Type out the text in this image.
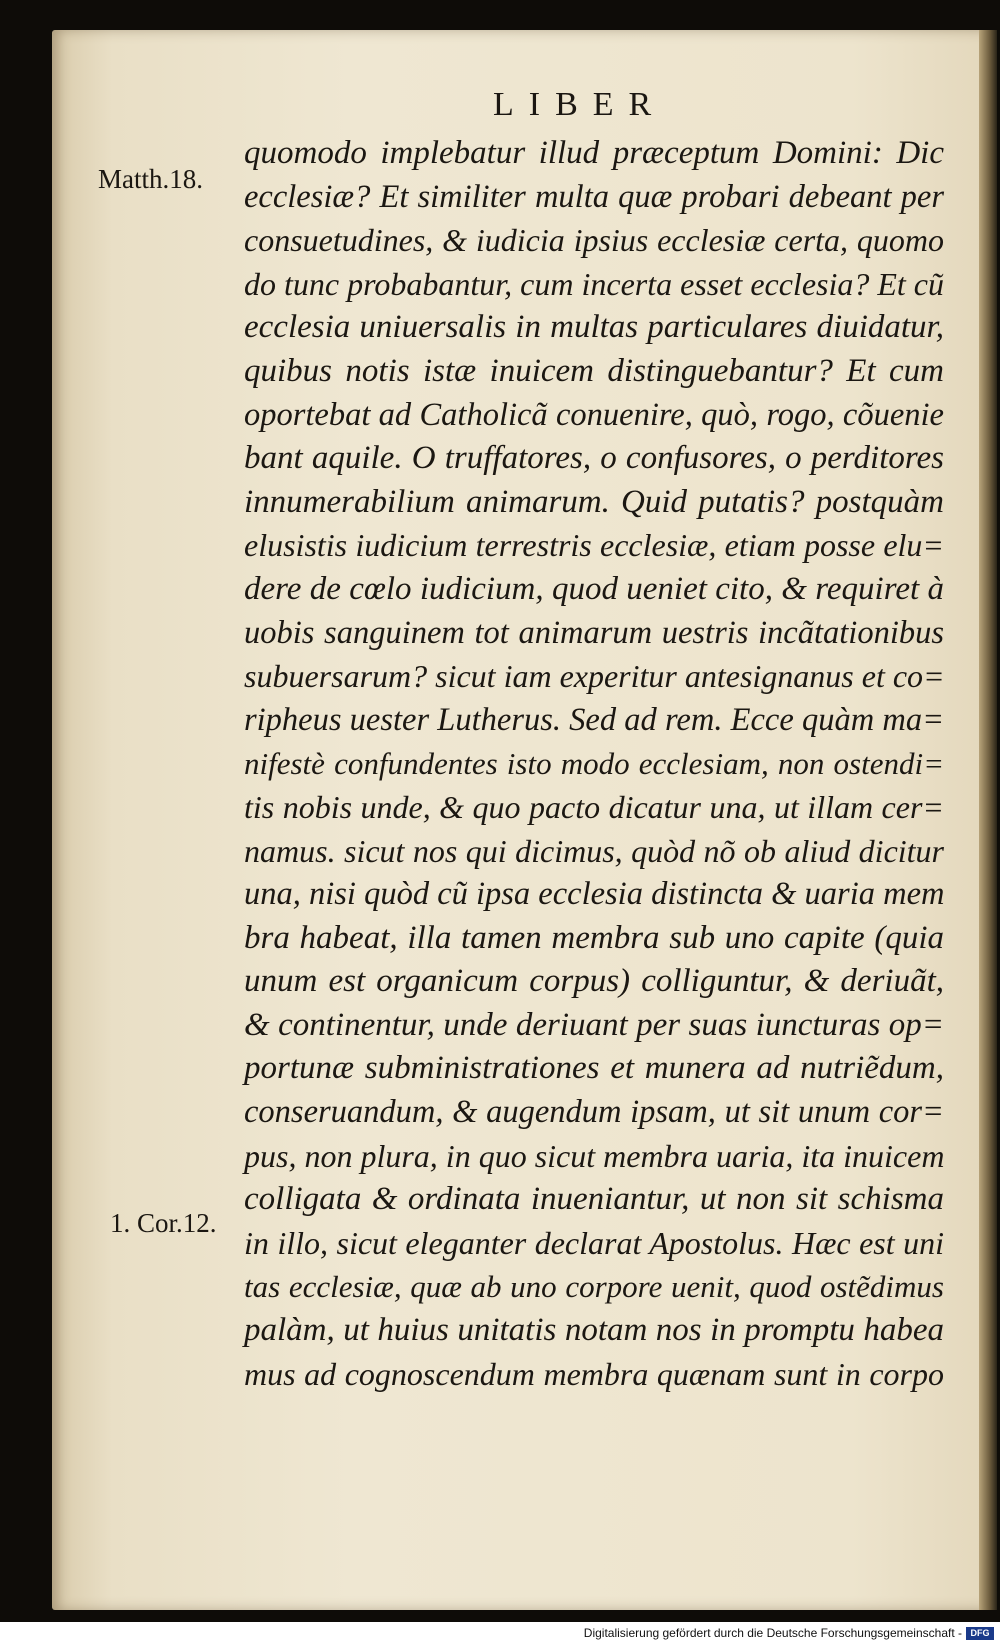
LIBER
Matth.18.
1. Cor.12.
quomodo implebatur illud præceptum Domini: Dic
ecclesiæ? Et similiter multa quæ probari debeant per
consuetudines, & iudicia ipsius ecclesiæ certa, quomo
do tunc probabantur, cum incerta esset ecclesia? Et cũ
ecclesia uniuersalis in multas particulares diuidatur,
quibus notis istæ inuicem distinguebantur? Et cum
oportebat ad Catholicã conuenire, quò, rogo, cõuenie
bant aquile. O truffatores, o confusores, o perditores
innumerabilium animarum. Quid putatis? postquàm
elusistis iudicium terrestris ecclesiæ, etiam posse elu=
dere de cœlo iudicium, quod ueniet cito, & requiret à
uobis sanguinem tot animarum uestris incãtationibus
subuersarum? sicut iam experitur antesignanus et co=
ripheus uester Lutherus. Sed ad rem. Ecce quàm ma=
nifestè confundentes isto modo ecclesiam, non ostendi=
tis nobis unde, & quo pacto dicatur una, ut illam cer=
namus. sicut nos qui dicimus, quòd nõ ob aliud dicitur
una, nisi quòd cũ ipsa ecclesia distincta & uaria mem
bra habeat, illa tamen membra sub uno capite (quia
unum est organicum corpus) colliguntur, & deriuãt,
& continentur, unde deriuant per suas iuncturas op=
portunæ subministrationes et munera ad nutriẽdum,
conseruandum, & augendum ipsam, ut sit unum cor=
pus, non plura, in quo sicut membra uaria, ita inuicem
colligata & ordinata inueniantur, ut non sit schisma
in illo, sicut eleganter declarat Apostolus. Hæc est uni
tas ecclesiæ, quæ ab uno corpore uenit, quod ostẽdimus
palàm, ut huius unitatis notam nos in promptu habea
mus ad cognoscendum membra quænam sunt in corpo
Digitalisierung gefördert durch die Deutsche Forschungsgemeinschaft - DFG
